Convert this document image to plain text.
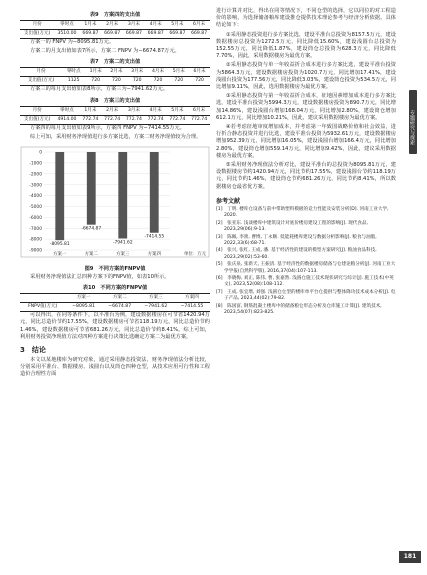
表9　方案四的支出值
月份	零时点	1月末	2月末	3月末	4月末	5月末	6月末
支出值(万元)	3510.00	669.87	669.87	669.87	669.87	669.87	669.87

方案一的 FNPV 为−8095.81万元。

方案二的月支出值如表7所示，方案二 FNPV 为−6674.87万元。

表7　方案二的支出值
月份	零时点	1月末	2月末	3月末	4月末	5月末	6月末
支出值(万元)	1125	720	720	720	720	720	720

方案三的每月支出值如表8所示，方案三为−7941.62万元。

表8　方案三的支出值
月份	零时点	1月末	2月末	3月末	4月末	5月末	6月末
支出值(万元)	4914.00	772.74	772.74	772.74	772.74	772.74	772.74

方案四的每月支出值如表9所示，方案四 FNPV 为−7414.55万元。

综上可知，采用财务净现值进行多方案比选，方案二财务净现值较为合理。

0
-1000
-2000
-3000
-4000
-5000
-6000
-7000
-8000
-9000
-8095.81
方案一
-6674.87
方案二
-7941.62
方案三
-7414.55
方案四	单位：万元
图9　不同方案的FNPV值

采用财务净现值法汇总四种方案下的FNPV值，如表10所示。

表10　不同方案的FNPV值
	方案一	方案二	方案三	方案四
FNPV值(万元)	−8095.81	−6674.87	−7941.62	−7414.55

可以得出，在同等条件下，以平准台为例，建设数据楼房在可节省1420.94万元，同比总造价节约17.55%，建设数据楼房可节省118.19万元，同比总造价节约1.46%，建设数据楼房可节省681.26万元，同比总造价节约8.41%。综上可知，利用财务投资净现值方法对四种方案进行决策比选确定方案二为最优方案。

3　结论

本文以某地楼库为研究对象，通过采用静态投资法、财务净现值法分析比较，分别采用平准台、数据楼房、浅圆台以及筒仓四种仓型，从技术应用可行性和工程造价合理性方面

进行计算并对比，得出在同等情况下，不同仓型的选择，它以同位的对工程造价的影响，为选择储备粮库建设推仓提供技术理论参考与经济分析依据。具体结论如下：

①采用静态投资进行多方案比选，建设平准台总投资为8157.5万元，建设数据楼房总投资为1272.5万元，同比降低15.60%，建设浅圆台总投资为152.55万元，同比降低1.87%，建设筒仓总投资为628.3万元，同比降低7.70%，因此，采用数据楼房为最优方案。

②采用静态投资与单一年收益折合成本进行多方案比选，建设平准台投资为5864.3万元，建设数据楼房投资为1020.7万元，同比增加17.41%，建设浅圆台投资为177.56万元，同比降低3.03%，建设筒仓投资为534.5万元，同比增加9.11%，因此，选用数据楼房为最优方案。

③采用静态投资与第一年收益折合成本，征地因素增加成本进行多方案比选，建设平准台投资为5994.3万元，建设数据楼房投资为890.7万元，同比增加14.86%，建设浅圆台增加168.04万元，同比增加2.80%，建设筒仓增加612.1万元，同比增加10.21%，因此，建议采用数据楼房为最优方案。

④若考虑征地审度增加成本，并考虑第一年致国战略价值和社会效益，进行折合静态投资并进行比选，建设平准台投资为5932.61万元，建设数据楼房增加952.39万元，同比增加16.05%，建设浅圆台增加166.4万元，同比增加2.80%，建设筒仓增加559.14万元，同比增加9.42%，因此，建议采用数据楼房为最优方案。

⑤采用财务净现值法分析对比，建设平准台的总投资为8095.81万元，建设数据楼房节约1420.94万元，同比节约17.55%，建设浅圆台节约118.19万元，同比节约1.46%，建设筒仓节约681.26万元，同比节约8.41%，所以数据楼房仓最省优方案。

参考文献

[1]　丁明. 楼库仓设备与前中带助塑料模板的竞力性能及安装分析[D]. 河南工业大学, 2020.

[2]　张亚东. 浅谈楼库中建筑设计对底价楼房建设工程的影响[J]. 现代食品, 2023,29(06):9-13.

[3]　陈佩, 李蕾, 曹博, 丁永顺. 低能耗楼库建设与数据分析影响[J]. 粮食与油脂, 2022,33(6):68-71.

[4]　张兴, 张红, 王成, 潘. 基于经济性的建设的模型方案研究[J]. 粮油食品科技, 2023,29(02):53-60.

[5]　张庆泉, 张新天, 王振清. 基于经济性的数据楼房储备与仓建论粮分析[J]. 河南工业大学学报(自然科学版), 2016,37(04):107-113.

[6]　李晓梅, 刘正, 陈伟, 曹, 张嘉然. 浅圆仓施工技术现状研究与综计[J]. 施工技术(中英文), 2023,52(08):108-112.

[7]　王成, 张宜增, 刘强. 浅圆仓仓型的楼库单平台仓提供与整体降功技术成本分析[J]. 电子产品, 2023,44(02):79-82.

[8]　陈国富, 钢筋混凝土楼库中的储备粮仓形态分析及仓库施工计算[J]. 建筑技术, 2023,54(07):823-825.

专题研究与探索
181
